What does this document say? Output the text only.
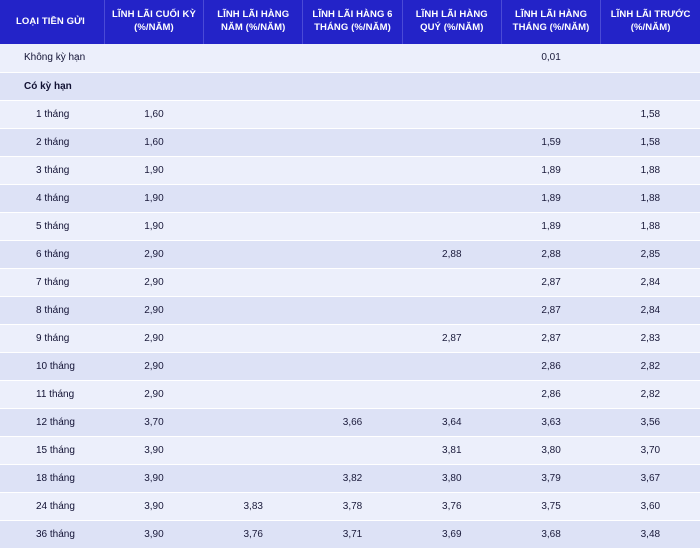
LOẠI TIỀN GỬI	LĨNH LÃI CUỐI KỲ (%/NĂM)	LĨNH LÃI HÀNG NĂM (%/NĂM)	LĨNH LÃI HÀNG 6 THÁNG (%/NĂM)	LĨNH LÃI HÀNG QUÝ (%/NĂM)	LĨNH LÃI HÀNG THÁNG (%/NĂM)	LĨNH LÃI TRƯỚC (%/NĂM)
Không kỳ hạn					0,01	
Có kỳ hạn						
1 tháng	1,60					1,58
2 tháng	1,60				1,59	1,58
3 tháng	1,90				1,89	1,88
4 tháng	1,90				1,89	1,88
5 tháng	1,90				1,89	1,88
6 tháng	2,90			2,88	2,88	2,85
7 tháng	2,90				2,87	2,84
8 tháng	2,90				2,87	2,84
9 tháng	2,90			2,87	2,87	2,83
10 tháng	2,90				2,86	2,82
11 tháng	2,90				2,86	2,82
12 tháng	3,70		3,66	3,64	3,63	3,56
15 tháng	3,90			3,81	3,80	3,70
18 tháng	3,90		3,82	3,80	3,79	3,67
24 tháng	3,90	3,83	3,78	3,76	3,75	3,60
36 tháng	3,90	3,76	3,71	3,69	3,68	3,48
